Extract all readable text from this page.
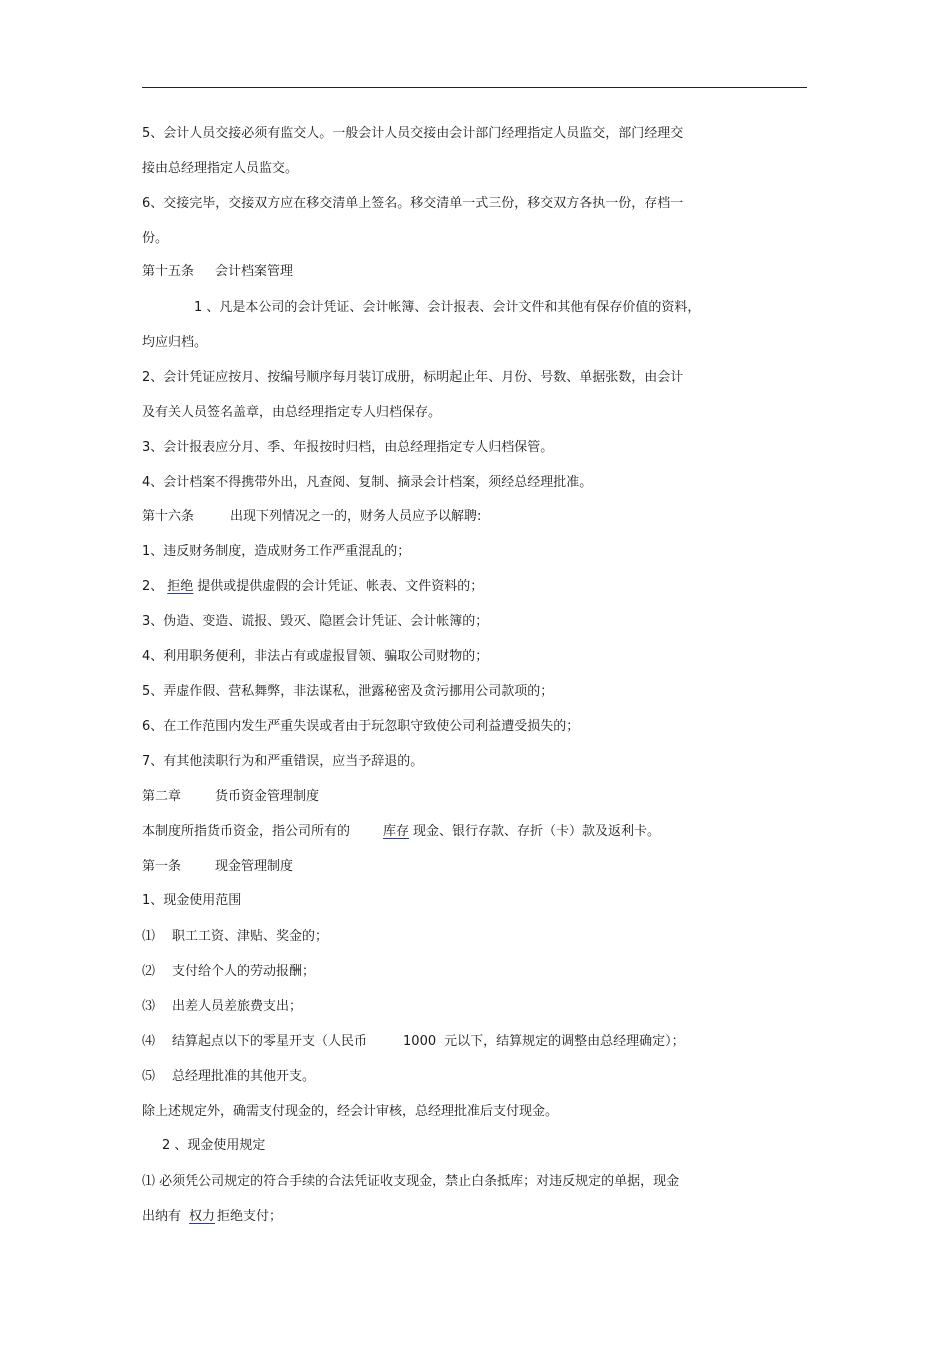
5、会计人员交接必须有监交人。一般会计人员交接由会计部门经理指定人员监交，部门经理交
接由总经理指定人员监交。
6、交接完毕，交接双方应在移交清单上签名。移交清单一式三份，移交双方各执一份，存档一
份。
第十五条 会计档案管理
1 、凡是本公司的会计凭证、会计帐簿、会计报表、会计文件和其他有保存价值的资料，
均应归档。
2、会计凭证应按月、按编号顺序每月装订成册，标明起止年、月份、号数、单据张数，由会计
及有关人员签名盖章，由总经理指定专人归档保存。
3、会计报表应分月、季、年报按时归档，由总经理指定专人归档保管。
4、会计档案不得携带外出，凡查阅、复制、摘录会计档案，须经总经理批准。
第十六条	出现下列情况之一的，财务人员应予以解聘:
1、违反财务制度，造成财务工作严重混乱的；
2、 拒绝 提供或提供虚假的会计凭证、帐表、文件资料的；
3、伪造、变造、谎报、毁灭、隐匿会计凭证、会计帐簿的；
4、利用职务便利，非法占有或虚报冒领、骗取公司财物的；
5、弄虚作假、营私舞弊，非法谋私，泄露秘密及贪污挪用公司款项的；
6、在工作范围内发生严重失误或者由于玩忽职守致使公司利益遭受损失的；
7、有其他渎职行为和严重错误，应当予辞退的。
第二章	货币资金管理制度
本制度所指货币资金，指公司所有的	库存 现金、银行存款、存折（卡）款及返利卡。
第一条	现金管理制度
1、现金使用范围
⑴ 职工工资、津贴、奖金的；
⑵ 支付给个人的劳动报酬；
⑶ 出差人员差旅费支出；
⑷ 结算起点以下的零星开支（人民币	1000 元以下，结算规定的调整由总经理确定）；
⑸ 总经理批准的其他开支。
除上述规定外，确需支付现金的，经会计审核，总经理批准后支付现金。
2 、现金使用规定
⑴ 必须凭公司规定的符合手续的合法凭证收支现金，禁止白条抵库；对违反规定的单据，现金
出纳有 权力 拒绝支付；
